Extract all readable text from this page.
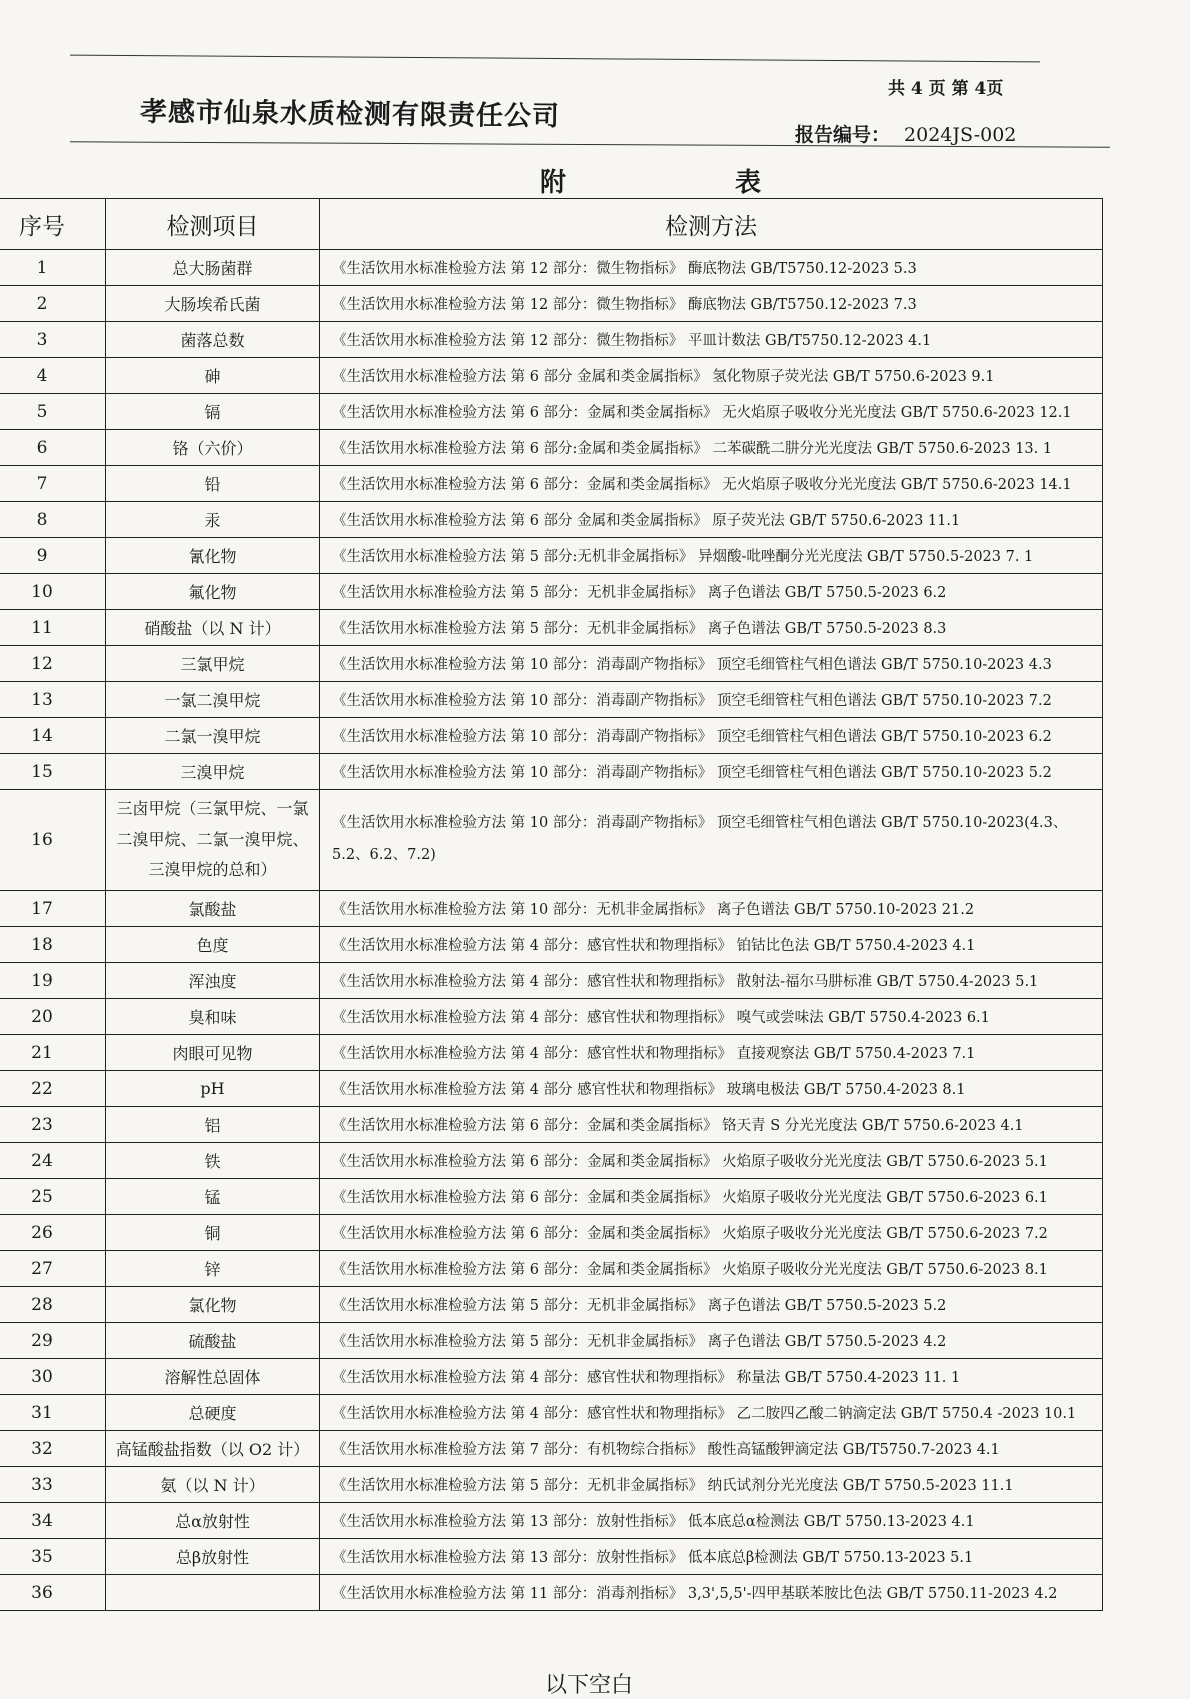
孝感市仙泉水质检测有限责任公司
共 4 页 第 4页
报告编号： 2024JS-002
附 表
序号	检测项目	检测方法
1	总大肠菌群	《生活饮用水标准检验方法 第 12 部分：微生物指标》 酶底物法 GB/T5750.12-2023 5.3
2	大肠埃希氏菌	《生活饮用水标准检验方法 第 12 部分：微生物指标》 酶底物法 GB/T5750.12-2023 7.3
3	菌落总数	《生活饮用水标准检验方法 第 12 部分：微生物指标》 平皿计数法 GB/T5750.12-2023 4.1
4	砷	《生活饮用水标准检验方法 第 6 部分 金属和类金属指标》 氢化物原子荧光法 GB/T 5750.6-2023 9.1
5	镉	《生活饮用水标准检验方法 第 6 部分：金属和类金属指标》 无火焰原子吸收分光光度法 GB/T 5750.6-2023 12.1
6	铬（六价）	《生活饮用水标准检验方法 第 6 部分:金属和类金属指标》 二苯碳酰二肼分光光度法 GB/T 5750.6-2023 13. 1
7	铅	《生活饮用水标准检验方法 第 6 部分：金属和类金属指标》 无火焰原子吸收分光光度法 GB/T 5750.6-2023 14.1
8	汞	《生活饮用水标准检验方法 第 6 部分 金属和类金属指标》 原子荧光法 GB/T 5750.6-2023 11.1
9	氰化物	《生活饮用水标准检验方法 第 5 部分:无机非金属指标》 异烟酸-吡唑酮分光光度法 GB/T 5750.5-2023 7. 1
10	氟化物	《生活饮用水标准检验方法 第 5 部分：无机非金属指标》 离子色谱法 GB/T 5750.5-2023 6.2
11	硝酸盐（以 N 计）	《生活饮用水标准检验方法 第 5 部分：无机非金属指标》 离子色谱法 GB/T 5750.5-2023 8.3
12	三氯甲烷	《生活饮用水标准检验方法 第 10 部分：消毒副产物指标》 顶空毛细管柱气相色谱法 GB/T 5750.10-2023 4.3
13	一氯二溴甲烷	《生活饮用水标准检验方法 第 10 部分：消毒副产物指标》 顶空毛细管柱气相色谱法 GB/T 5750.10-2023 7.2
14	二氯一溴甲烷	《生活饮用水标准检验方法 第 10 部分：消毒副产物指标》 顶空毛细管柱气相色谱法 GB/T 5750.10-2023 6.2
15	三溴甲烷	《生活饮用水标准检验方法 第 10 部分：消毒副产物指标》 顶空毛细管柱气相色谱法 GB/T 5750.10-2023 5.2
16	三卤甲烷（三氯甲烷、一氯二溴甲烷、二氯一溴甲烷、三溴甲烷的总和）	《生活饮用水标准检验方法 第 10 部分：消毒副产物指标》 顶空毛细管柱气相色谱法 GB/T 5750.10-2023(4.3、5.2、6.2、7.2)
17	氯酸盐	《生活饮用水标准检验方法 第 10 部分：无机非金属指标》 离子色谱法 GB/T 5750.10-2023 21.2
18	色度	《生活饮用水标准检验方法 第 4 部分：感官性状和物理指标》 铂钴比色法 GB/T 5750.4-2023 4.1
19	浑浊度	《生活饮用水标准检验方法 第 4 部分：感官性状和物理指标》 散射法-福尔马肼标准 GB/T 5750.4-2023 5.1
20	臭和味	《生活饮用水标准检验方法 第 4 部分：感官性状和物理指标》 嗅气或尝味法 GB/T 5750.4-2023 6.1
21	肉眼可见物	《生活饮用水标准检验方法 第 4 部分：感官性状和物理指标》 直接观察法 GB/T 5750.4-2023 7.1
22	pH	《生活饮用水标准检验方法 第 4 部分 感官性状和物理指标》 玻璃电极法 GB/T 5750.4-2023 8.1
23	铝	《生活饮用水标准检验方法 第 6 部分：金属和类金属指标》 铬天青 S 分光光度法 GB/T 5750.6-2023 4.1
24	铁	《生活饮用水标准检验方法 第 6 部分：金属和类金属指标》 火焰原子吸收分光光度法 GB/T 5750.6-2023 5.1
25	锰	《生活饮用水标准检验方法 第 6 部分：金属和类金属指标》 火焰原子吸收分光光度法 GB/T 5750.6-2023 6.1
26	铜	《生活饮用水标准检验方法 第 6 部分：金属和类金属指标》 火焰原子吸收分光光度法 GB/T 5750.6-2023 7.2
27	锌	《生活饮用水标准检验方法 第 6 部分：金属和类金属指标》 火焰原子吸收分光光度法 GB/T 5750.6-2023 8.1
28	氯化物	《生活饮用水标准检验方法 第 5 部分：无机非金属指标》 离子色谱法 GB/T 5750.5-2023 5.2
29	硫酸盐	《生活饮用水标准检验方法 第 5 部分：无机非金属指标》 离子色谱法 GB/T 5750.5-2023 4.2
30	溶解性总固体	《生活饮用水标准检验方法 第 4 部分：感官性状和物理指标》 称量法 GB/T 5750.4-2023 11. 1
31	总硬度	《生活饮用水标准检验方法 第 4 部分：感官性状和物理指标》 乙二胺四乙酸二钠滴定法 GB/T 5750.4 -2023 10.1
32	高锰酸盐指数（以 O2 计）	《生活饮用水标准检验方法 第 7 部分：有机物综合指标》 酸性高锰酸钾滴定法 GB/T5750.7-2023 4.1
33	氨（以 N 计）	《生活饮用水标准检验方法 第 5 部分：无机非金属指标》 纳氏试剂分光光度法 GB/T 5750.5-2023 11.1
34	总α放射性	《生活饮用水标准检验方法 第 13 部分：放射性指标》 低本底总α检测法 GB/T 5750.13-2023 4.1
35	总β放射性	《生活饮用水标准检验方法 第 13 部分：放射性指标》 低本底总β检测法 GB/T 5750.13-2023 5.1
36		《生活饮用水标准检验方法 第 11 部分：消毒剂指标》 3,3',5,5'-四甲基联苯胺比色法 GB/T 5750.11-2023 4.2
以下空白
